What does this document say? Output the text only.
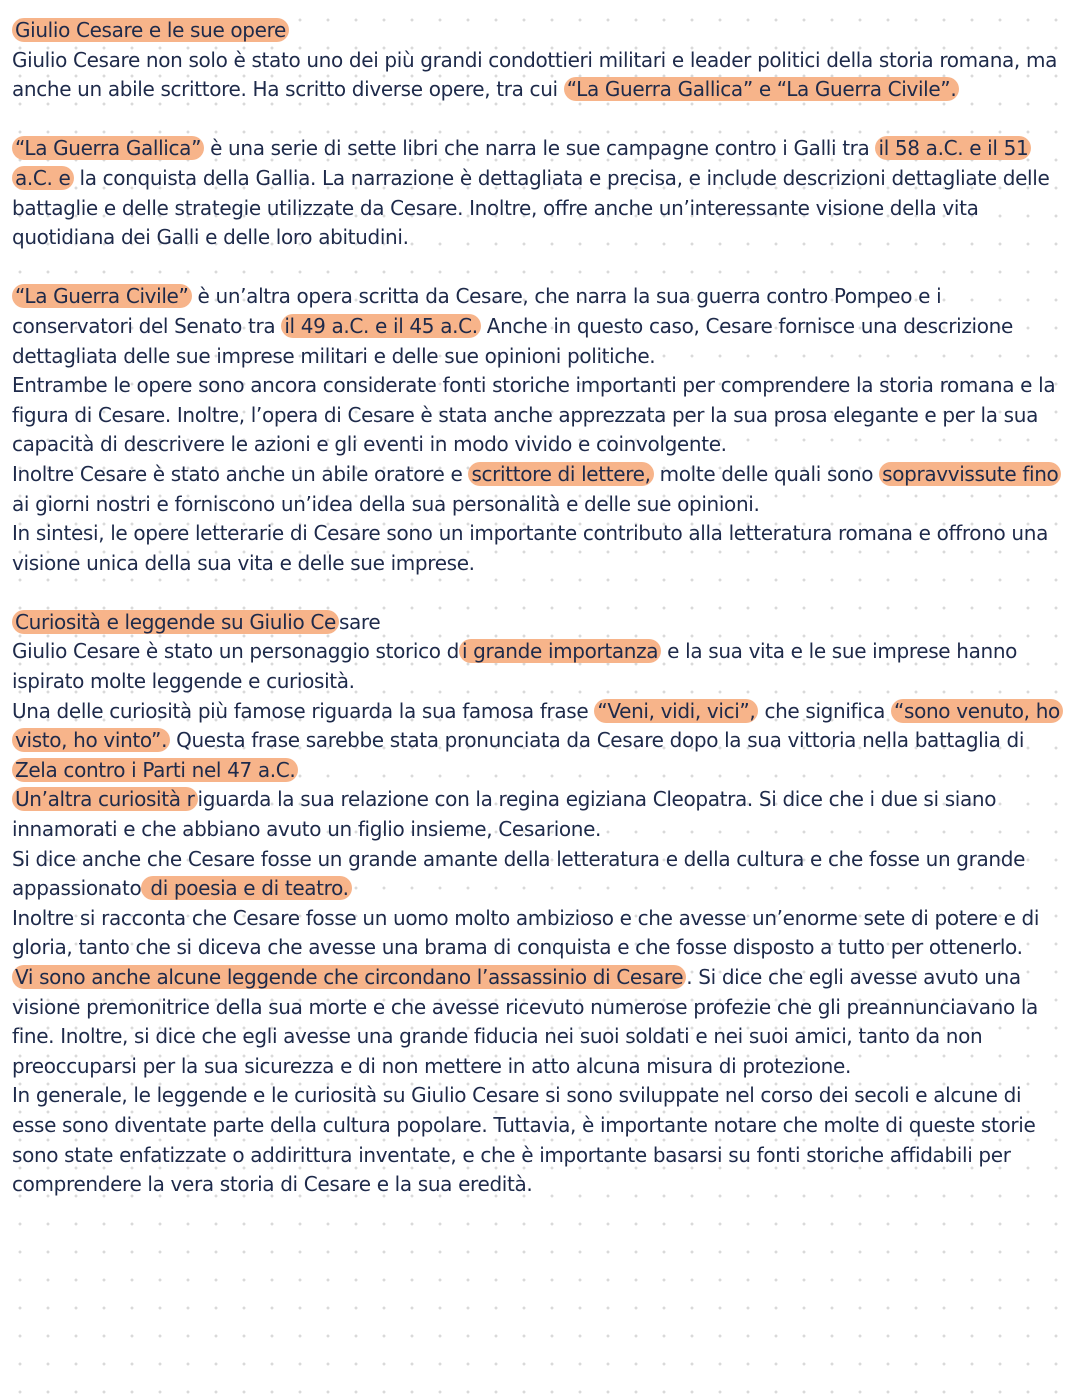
Giulio Cesare e le sue opere

Giulio Cesare non solo è stato uno dei più grandi condottieri militari e leader politici della storia romana, ma anche un abile scrittore. Ha scritto diverse opere, tra cui “La Guerra Gallica” e “La Guerra Civile”.

“La Guerra Gallica” è una serie di sette libri che narra le sue campagne contro i Galli tra il 58 a.C. e il 51 a.C. e la conquista della Gallia. La narrazione è dettagliata e precisa, e include descrizioni dettagliate delle battaglie e delle strategie utilizzate da Cesare. Inoltre, offre anche un’interessante visione della vita quotidiana dei Galli e delle loro abitudini.

“La Guerra Civile” è un’altra opera scritta da Cesare, che narra la sua guerra contro Pompeo e i conservatori del Senato tra il 49 a.C. e il 45 a.C. Anche in questo caso, Cesare fornisce una descrizione dettagliata delle sue imprese militari e delle sue opinioni politiche.

Entrambe le opere sono ancora considerate fonti storiche importanti per comprendere la storia romana e la figura di Cesare. Inoltre, l’opera di Cesare è stata anche apprezzata per la sua prosa elegante e per la sua capacità di descrivere le azioni e gli eventi in modo vivido e coinvolgente.

Inoltre Cesare è stato anche un abile oratore e scrittore di lettere, molte delle quali sono sopravvissute fino ai giorni nostri e forniscono un’idea della sua personalità e delle sue opinioni.

In sintesi, le opere letterarie di Cesare sono un importante contributo alla letteratura romana e offrono una visione unica della sua vita e delle sue imprese.

Curiosità e leggende su Giulio Ce sare

Giulio Cesare è stato un personaggio storico d i grande importanza e la sua vita e le sue imprese hanno ispirato molte leggende e curiosità.

Una delle curiosità più famose riguarda la sua famosa frase “Veni, vidi, vici”, che significa “sono venuto, ho visto, ho vinto”. Questa frase sarebbe stata pronunciata da Cesare dopo la sua vittoria nella battaglia di Zela contro i Parti nel 47 a.C.

Un’altra curiosità r iguarda la sua relazione con la regina egiziana Cleopatra. Si dice che i due si siano innamorati e che abbiano avuto un figlio insieme, Cesarione.

Si dice anche che Cesare fosse un grande amante della letteratura e della cultura e che fosse un grande appassionato di poesia e di teatro.

Inoltre si racconta che Cesare fosse un uomo molto ambizioso e che avesse un’enorme sete di potere e di gloria, tanto che si diceva che avesse una brama di conquista e che fosse disposto a tutto per ottenerlo.

Vi sono anche alcune leggende che circondano l’assassinio di Cesare . Si dice che egli avesse avuto una visione premonitrice della sua morte e che avesse ricevuto numerose profezie che gli preannunciavano la fine. Inoltre, si dice che egli avesse una grande fiducia nei suoi soldati e nei suoi amici, tanto da non preoccuparsi per la sua sicurezza e di non mettere in atto alcuna misura di protezione.

In generale, le leggende e le curiosità su Giulio Cesare si sono sviluppate nel corso dei secoli e alcune di esse sono diventate parte della cultura popolare. Tuttavia, è importante notare che molte di queste storie sono state enfatizzate o addirittura inventate, e che è importante basarsi su fonti storiche affidabili per comprendere la vera storia di Cesare e la sua eredità.
